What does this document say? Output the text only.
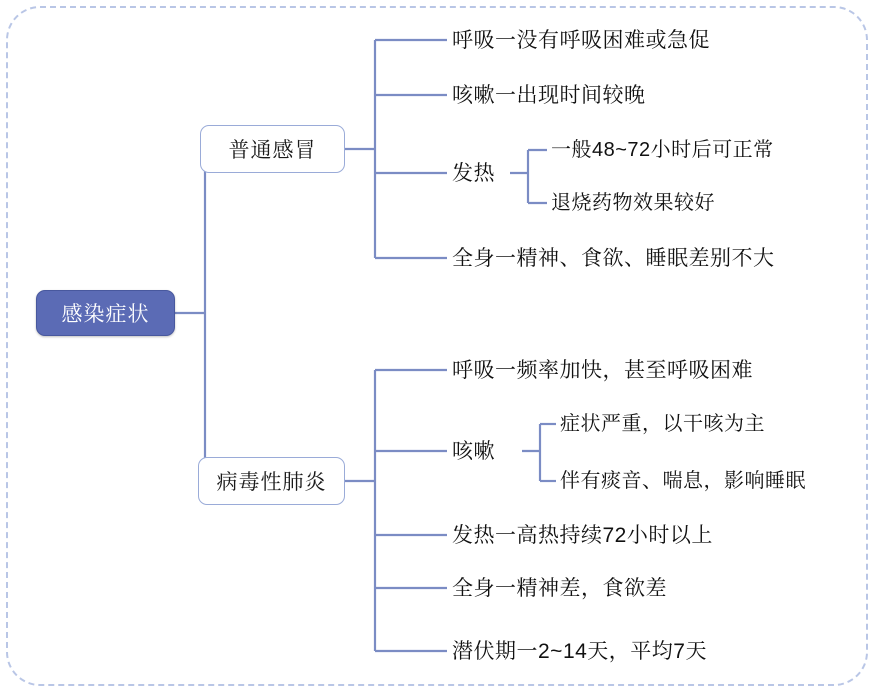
感染症状
普通感冒
病毒性肺炎
呼吸一没有呼吸困难或急促
咳嗽一出现时间较晚
发热
全身一精神、食欲、睡眠差别不大
一般48~72小时后可正常
退烧药物效果较好
呼吸一频率加快，甚至呼吸困难
咳嗽
发热一高热持续72小时以上
全身一精神差，食欲差
潜伏期一2~14天，平均7天
症状严重，以干咳为主
伴有痰音、喘息，影响睡眠
